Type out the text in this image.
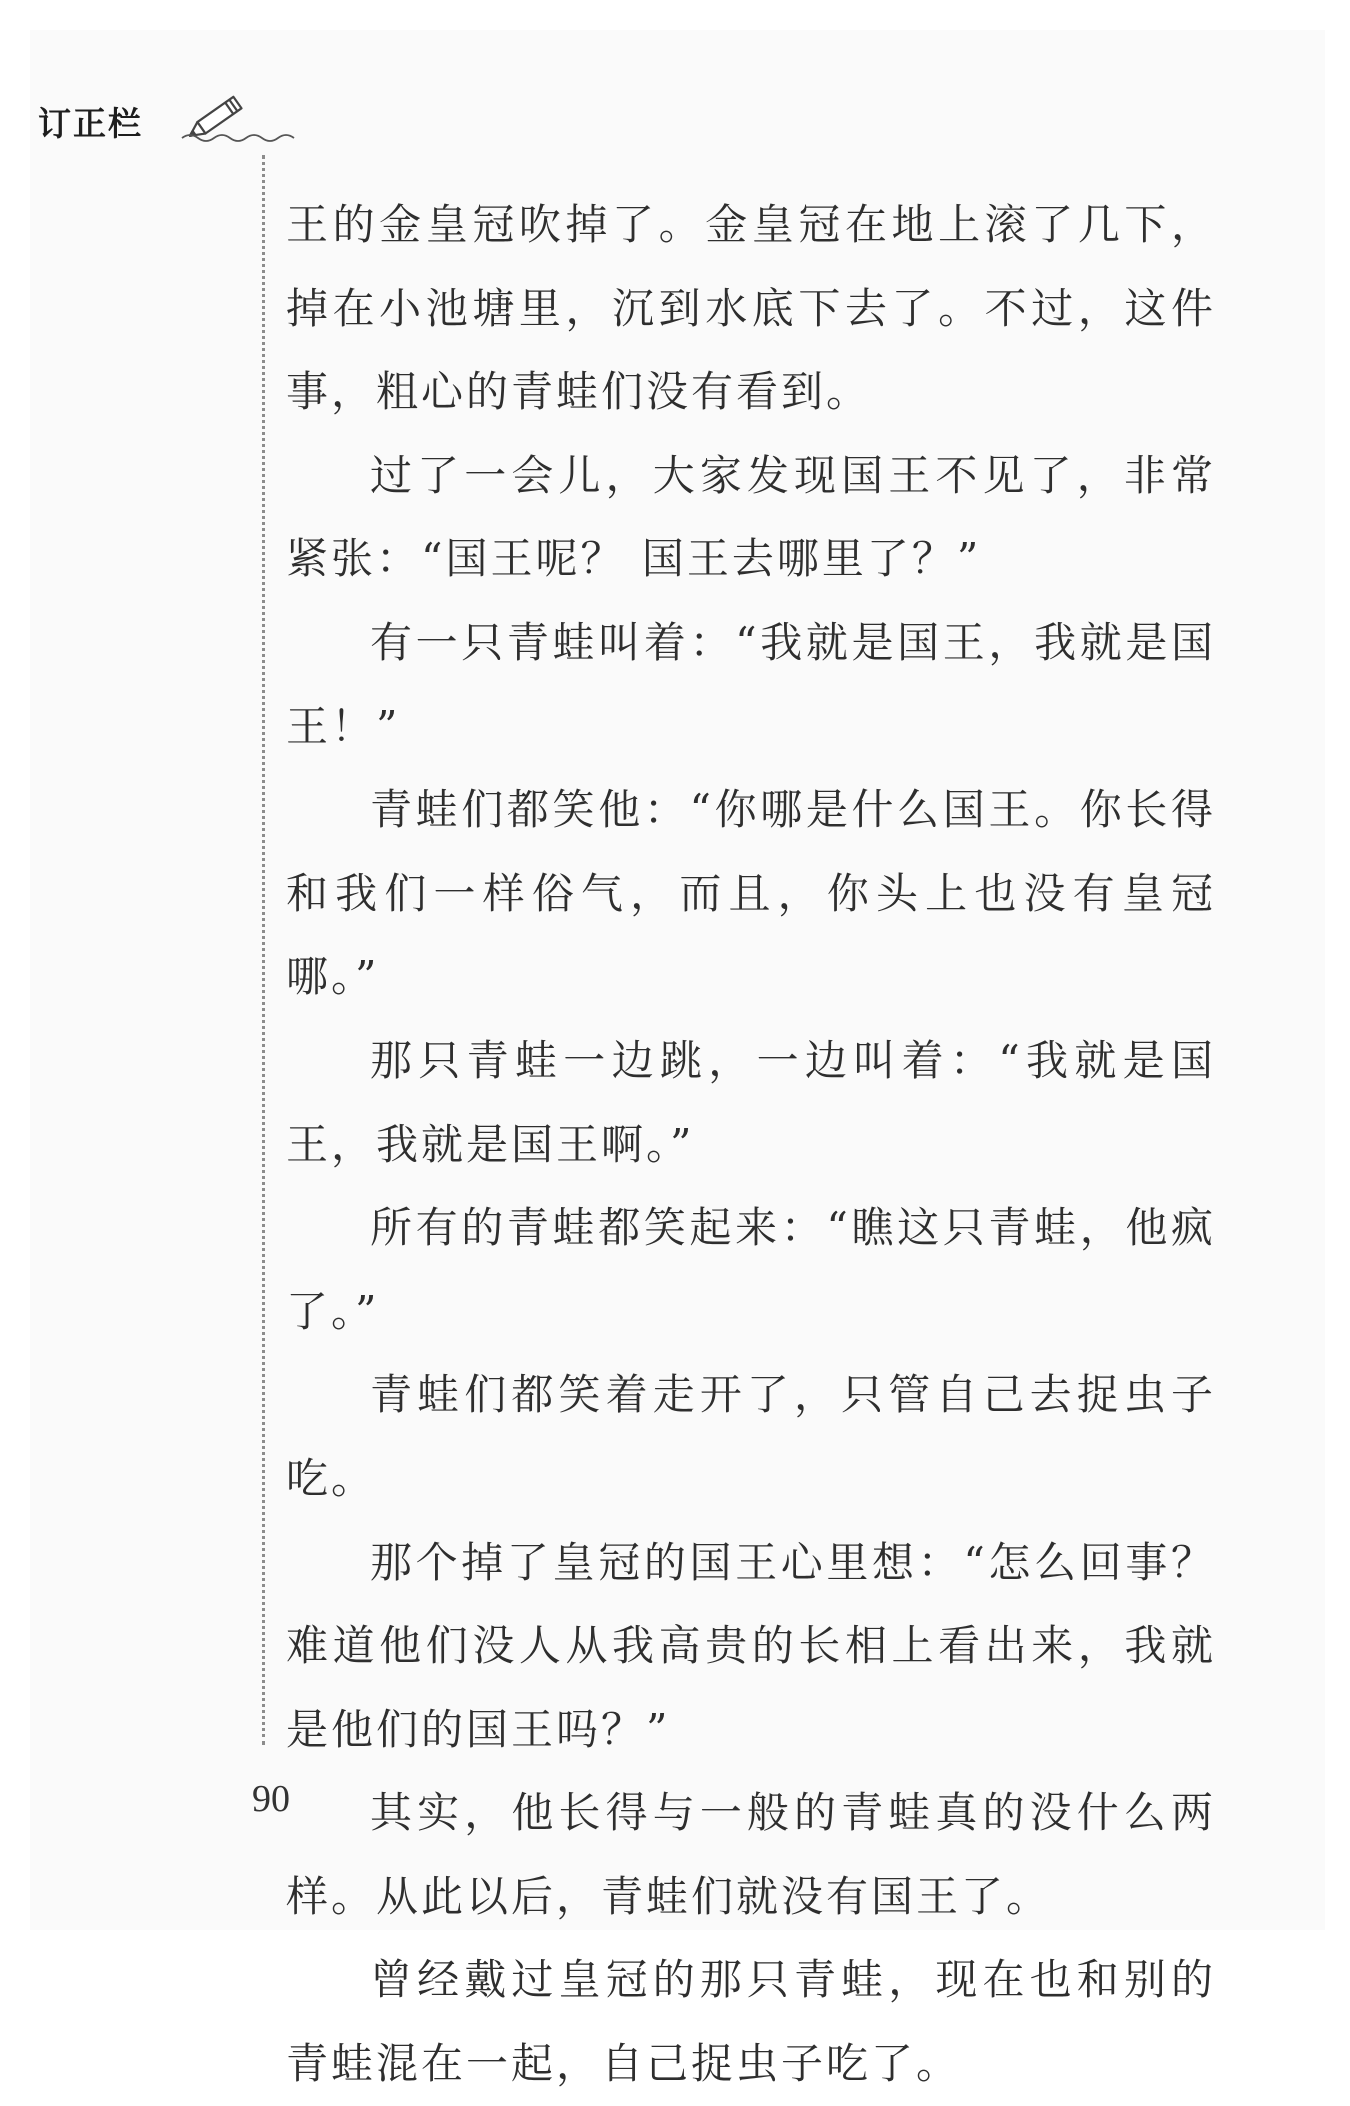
订正栏

王的金皇冠吹掉了。金皇冠在地上滚了几下，掉在小池塘里，沉到水底下去了。不过，这件事，粗心的青蛙们没有看到。

过了一会儿，大家发现国王不见了，非常紧张：“国王呢？ 国王去哪里了？”

有一只青蛙叫着：“我就是国王，我就是国王！”

青蛙们都笑他：“你哪是什么国王。你长得和我们一样俗气，而且，你头上也没有皇冠哪。”

那只青蛙一边跳，一边叫着：“我就是国王，我就是国王啊。”

所有的青蛙都笑起来：“瞧这只青蛙，他疯了。”

青蛙们都笑着走开了，只管自己去捉虫子吃。

那个掉了皇冠的国王心里想：“怎么回事？难道他们没人从我高贵的长相上看出来，我就是他们的国王吗？”

其实，他长得与一般的青蛙真的没什么两样。从此以后，青蛙们就没有国王了。

曾经戴过皇冠的那只青蛙，现在也和别的青蛙混在一起，自己捉虫子吃了。

90
